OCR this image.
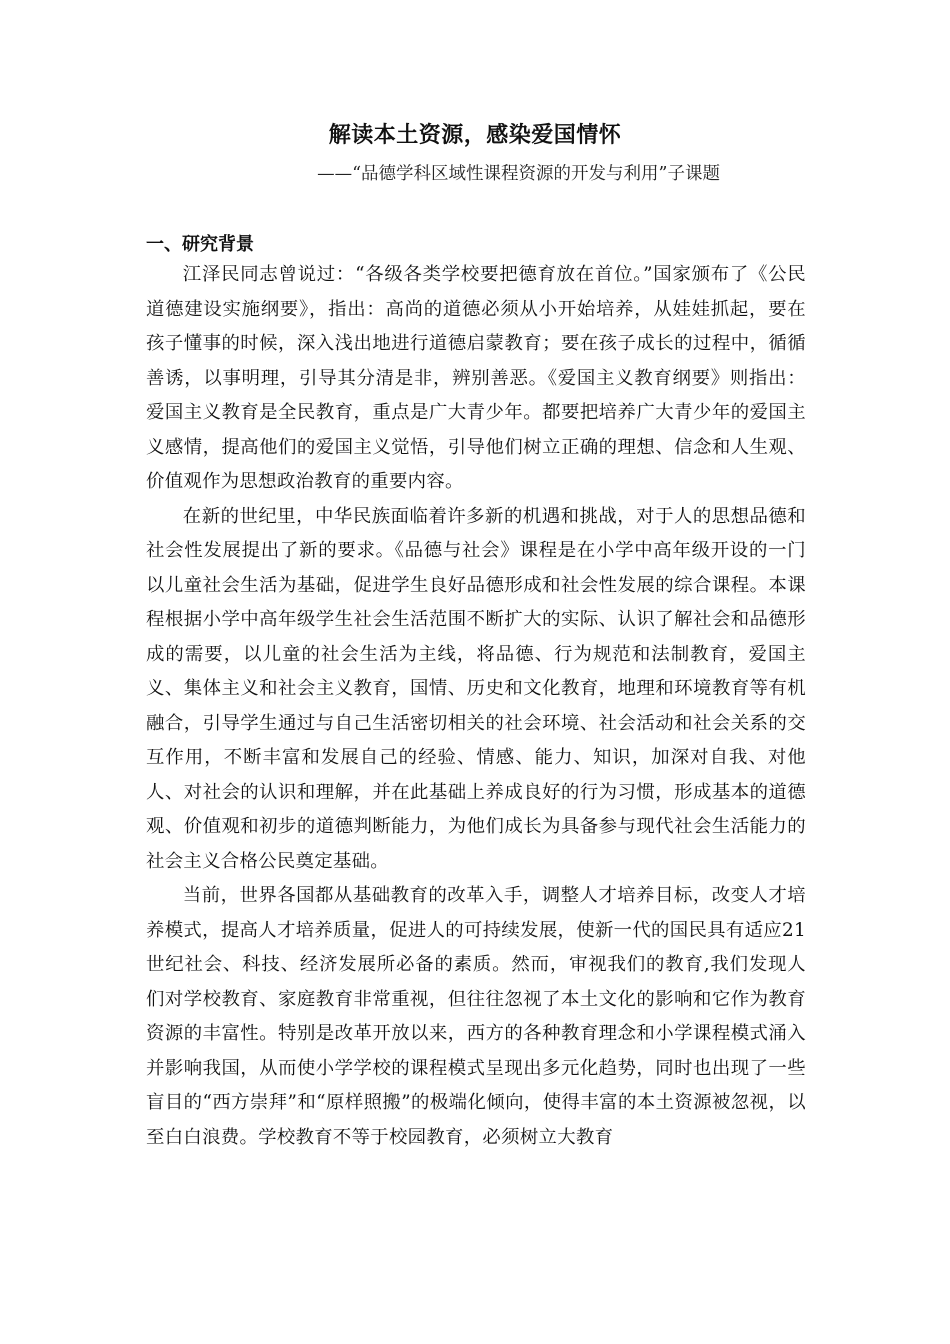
解读本土资源，感染爱国情怀
——“品德学科区域性课程资源的开发与利用”子课题
一、研究背景

江泽民同志曾说过：“各级各类学校要把德育放在首位。”国家颁布了《公民道德建设实施纲要》，指出：高尚的道德必须从小开始培养，从娃娃抓起，要在孩子懂事的时候，深入浅出地进行道德启蒙教育；要在孩子成长的过程中，循循善诱，以事明理，引导其分清是非，辨别善恶。《爱国主义教育纲要》则指出：爱国主义教育是全民教育，重点是广大青少年。都要把培养广大青少年的爱国主义感情，提高他们的爱国主义觉悟，引导他们树立正确的理想、信念和人生观、价值观作为思想政治教育的重要内容。

在新的世纪里，中华民族面临着许多新的机遇和挑战，对于人的思想品德和社会性发展提出了新的要求。《品德与社会》课程是在小学中高年级开设的一门以儿童社会生活为基础，促进学生良好品德形成和社会性发展的综合课程。本课程根据小学中高年级学生社会生活范围不断扩大的实际、认识了解社会和品德形成的需要，以儿童的社会生活为主线，将品德、行为规范和法制教育，爱国主义、集体主义和社会主义教育，国情、历史和文化教育，地理和环境教育等有机融合，引导学生通过与自己生活密切相关的社会环境、社会活动和社会关系的交互作用，不断丰富和发展自己的经验、情感、能力、知识，加深对自我、对他人、对社会的认识和理解，并在此基础上养成良好的行为习惯，形成基本的道德观、价值观和初步的道德判断能力，为他们成长为具备参与现代社会生活能力的社会主义合格公民奠定基础。

当前，世界各国都从基础教育的改革入手，调整人才培养目标，改变人才培养模式，提高人才培养质量，促进人的可持续发展，使新一代的国民具有适应21世纪社会、科技、经济发展所必备的素质。然而，审视我们的教育,我们发现人们对学校教育、家庭教育非常重视，但往往忽视了本土文化的影响和它作为教育资源的丰富性。特别是改革开放以来，西方的各种教育理念和小学课程模式涌入并影响我国，从而使小学学校的课程模式呈现出多元化趋势，同时也出现了一些盲目的“西方崇拜”和“原样照搬”的极端化倾向，使得丰富的本土资源被忽视，以至白白浪费。学校教育不等于校园教育，必须树立大教育
